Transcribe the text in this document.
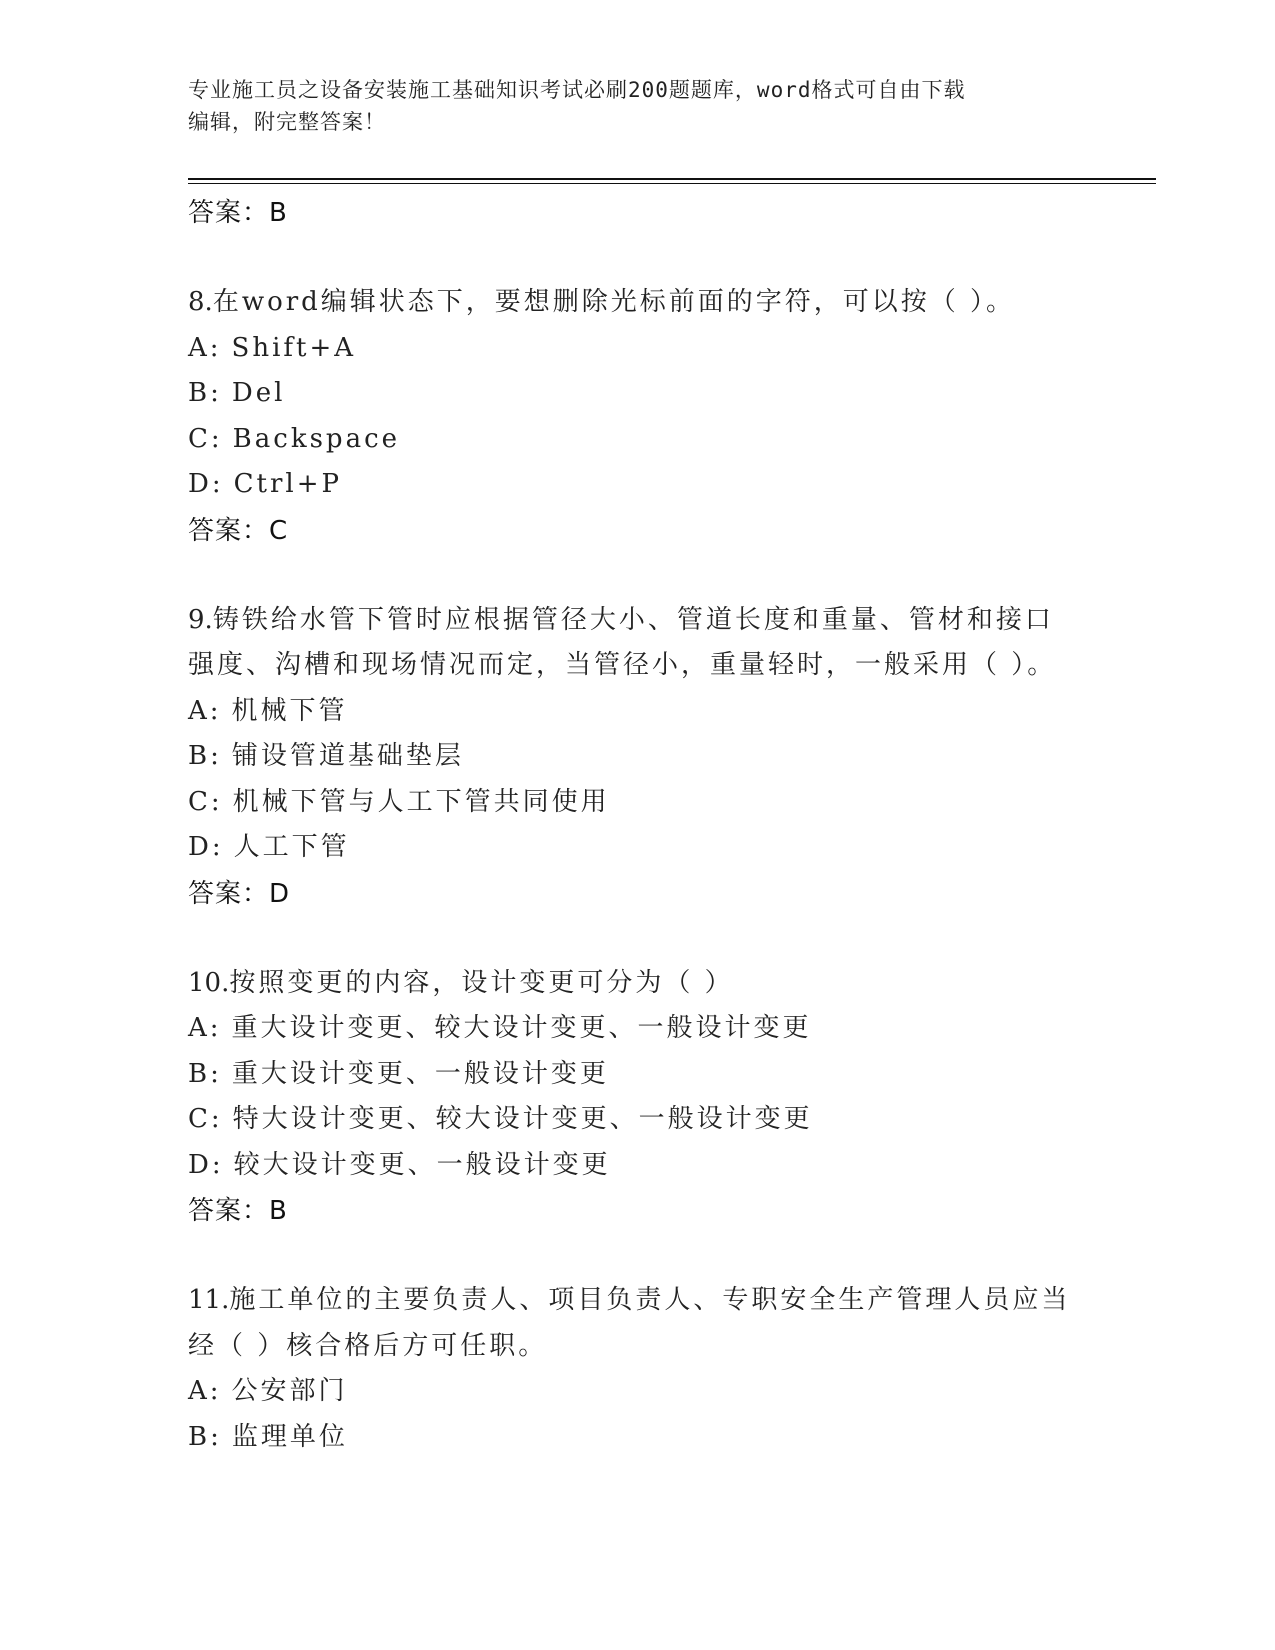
专业施工员之设备安装施工基础知识考试必刷200题题库，word格式可自由下载
编辑，附完整答案！
答案：B
8.在word编辑状态下，要想删除光标前面的字符，可以按（ ）。
A: Shift+A
B: Del
C: Backspace
D: Ctrl+P
答案：C
9.铸铁给水管下管时应根据管径大小、管道长度和重量、管材和接口
强度、沟槽和现场情况而定，当管径小，重量轻时，一般采用（ ）。
A: 机械下管
B: 铺设管道基础垫层
C: 机械下管与人工下管共同使用
D: 人工下管
答案：D
10.按照变更的内容，设计变更可分为（ ）
A: 重大设计变更、较大设计变更、一般设计变更
B: 重大设计变更、一般设计变更
C: 特大设计变更、较大设计变更、一般设计变更
D: 较大设计变更、一般设计变更
答案：B
11.施工单位的主要负责人、项目负责人、专职安全生产管理人员应当
经（ ）核合格后方可任职。
A: 公安部门
B: 监理单位
